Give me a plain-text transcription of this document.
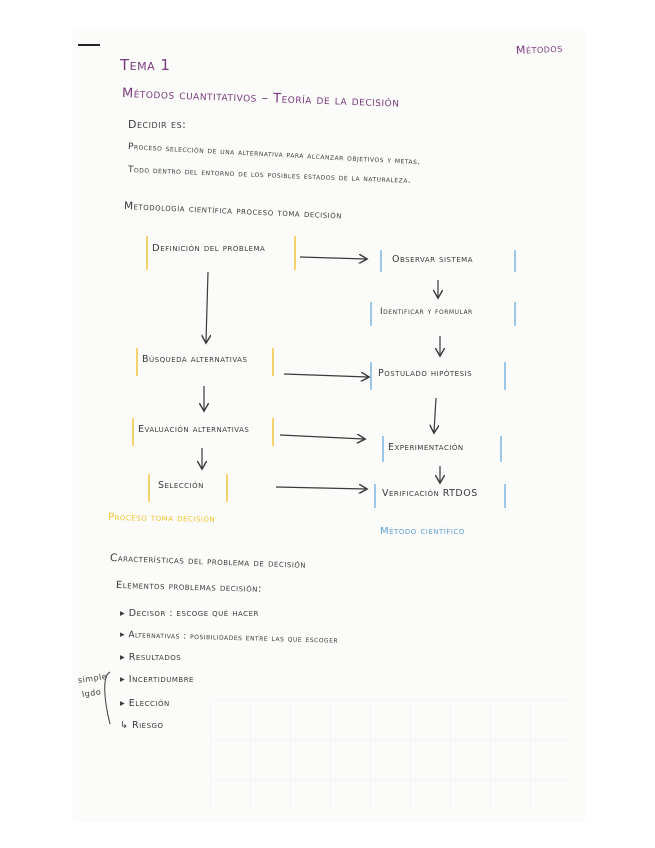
Tema 1
Métodos
Métodos cuantitativos – Teoría de la decisión
Decidir es:
Proceso selección de una alternativa para alcanzar objetivos y metas.
Todo dentro del entorno de los posibles estados de la naturaleza.
Metodología científica proceso toma decisión
Definición del problema
Búsqueda alternativas
Evaluación alternativas
Selección
Proceso toma decisión
Observar sistema
Identificar y formular
Postulado hipótesis
Experimentación
Verificación RTDOS
Método científico
Características del problema de decisión
Elementos problemas decisión:
▸ Decisor : escoge qué hacer
▸ Alternativas : posibilidades entre las que escoger
▸ Resultados
▸ Incertidumbre
▸ Elección
↳ Riesgo
simple
lgdo
